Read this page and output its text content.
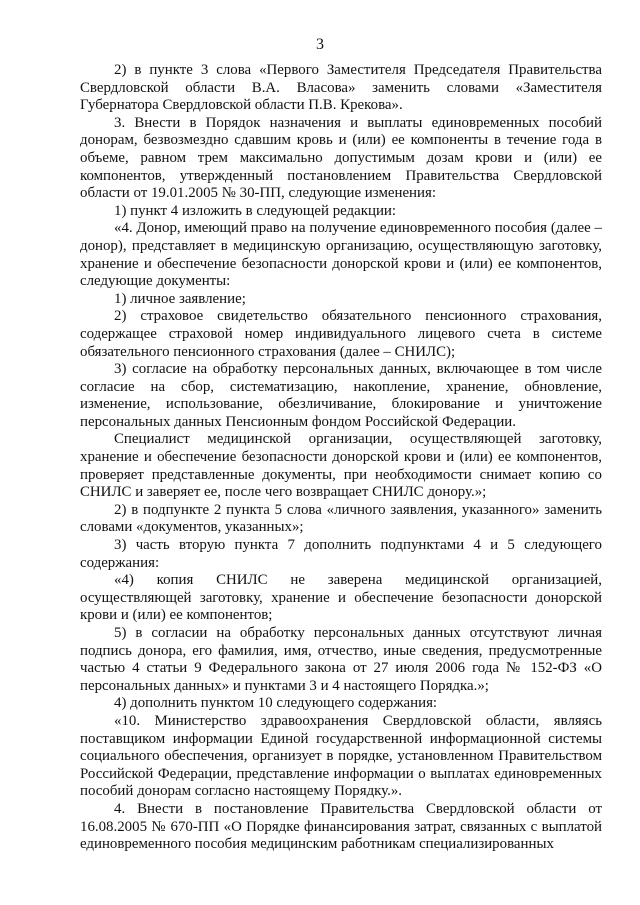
3

2) в пункте 3 слова «Первого Заместителя Председателя Правительства Свердловской области В.А. Власова» заменить словами «Заместителя Губернатора Свердловской области П.В. Крекова».

3. Внести в Порядок назначения и выплаты единовременных пособий донорам, безвозмездно сдавшим кровь и (или) ее компоненты в течение года в объеме, равном трем максимально допустимым дозам крови и (или) ее компонентов, утвержденный постановлением Правительства Свердловской области от 19.01.2005 № 30-ПП, следующие изменения:

1) пункт 4 изложить в следующей редакции:

«4. Донор, имеющий право на получение единовременного пособия (далее – донор), представляет в медицинскую организацию, осуществляющую заготовку, хранение и обеспечение безопасности донорской крови и (или) ее компонентов, следующие документы:

1) личное заявление;

2) страховое свидетельство обязательного пенсионного страхования, содержащее страховой номер индивидуального лицевого счета в системе обязательного пенсионного страхования (далее – СНИЛС);

3) согласие на обработку персональных данных, включающее в том числе согласие на сбор, систематизацию, накопление, хранение, обновление, изменение, использование, обезличивание, блокирование и уничтожение персональных данных Пенсионным фондом Российской Федерации.

Специалист медицинской организации, осуществляющей заготовку, хранение и обеспечение безопасности донорской крови и (или) ее компонентов, проверяет представленные документы, при необходимости снимает копию со СНИЛС и заверяет ее, после чего возвращает СНИЛС донору.»;

2) в подпункте 2 пункта 5 слова «личного заявления, указанного» заменить словами «документов, указанных»;

3) часть вторую пункта 7 дополнить подпунктами 4 и 5 следующего содержания:

«4) копия СНИЛС не заверена медицинской организацией, осуществляющей заготовку, хранение и обеспечение безопасности донорской крови и (или) ее компонентов;

5) в согласии на обработку персональных данных отсутствуют личная подпись донора, его фамилия, имя, отчество, иные сведения, предусмотренные частью 4 статьи 9 Федерального закона от 27 июля 2006 года № 152-ФЗ «О персональных данных» и пунктами 3 и 4 настоящего Порядка.»;

4) дополнить пунктом 10 следующего содержания:

«10. Министерство здравоохранения Свердловской области, являясь поставщиком информации Единой государственной информационной системы социального обеспечения, организует в порядке, установленном Правительством Российской Федерации, представление информации о выплатах единовременных пособий донорам согласно настоящему Порядку.».

4. Внести в постановление Правительства Свердловской области от 16.08.2005 № 670-ПП «О Порядке финансирования затрат, связанных с выплатой единовременного пособия медицинским работникам специализированных
